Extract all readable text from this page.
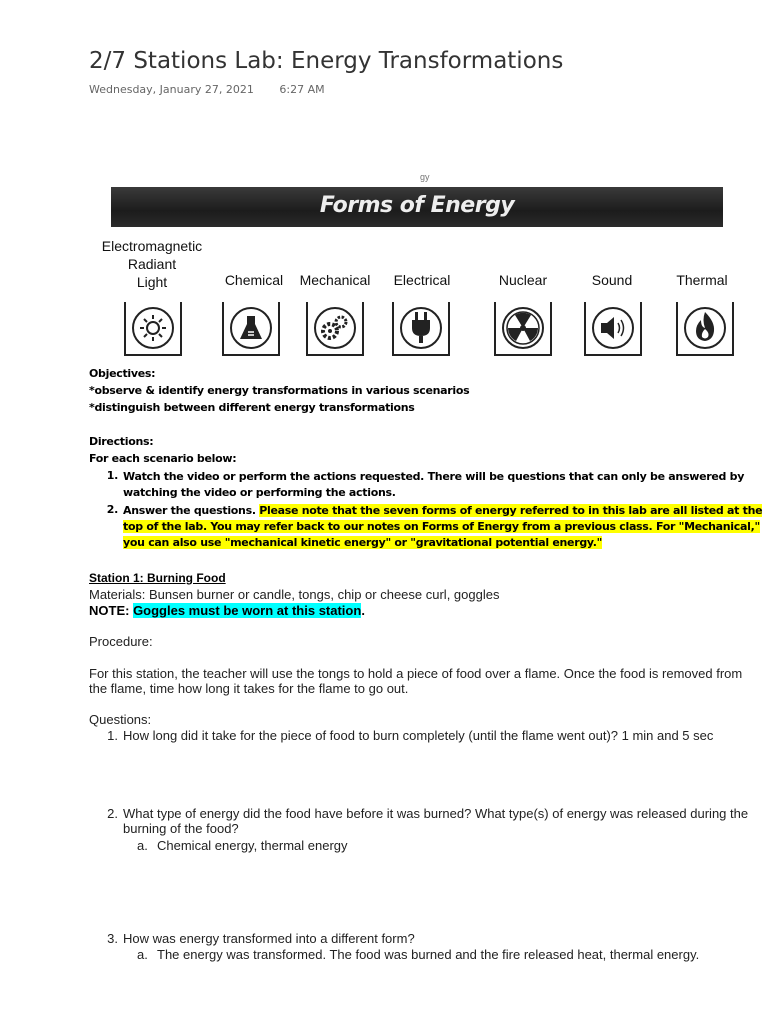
2/7 Stations Lab: Energy Transformations
Wednesday, January 27, 2021 6:27 AM
gy
Forms of Energy
Electromagnetic
Radiant
Light	Chemical	Mechanical	Electrical	Nuclear	Sound	Thermal
Objectives:
*observe & identify energy transformations in various scenarios
*distinguish between different energy transformations
Directions:
For each scenario below:
1. Watch the video or perform the actions requested. There will be questions that can only be answered by watching the video or performing the actions.
2. Answer the questions. Please note that the seven forms of energy referred to in this lab are all listed at the top of the lab. You may refer back to our notes on Forms of Energy from a previous class. For "Mechanical," you can also use "mechanical kinetic energy" or "gravitational potential energy."
Station 1: Burning Food
Materials: Bunsen burner or candle, tongs, chip or cheese curl, goggles
NOTE: Goggles must be worn at this station.
Procedure:
For this station, the teacher will use the tongs to hold a piece of food over a flame. Once the food is removed from the flame, time how long it takes for the flame to go out.
Questions:
1. How long did it take for the piece of food to burn completely (until the flame went out)? 1 min and 5 sec
2. What type of energy did the food have before it was burned? What type(s) of energy was released during the burning of the food?
a. Chemical energy, thermal energy
3. How was energy transformed into a different form?
a. The energy was transformed. The food was burned and the fire released heat, thermal energy.
